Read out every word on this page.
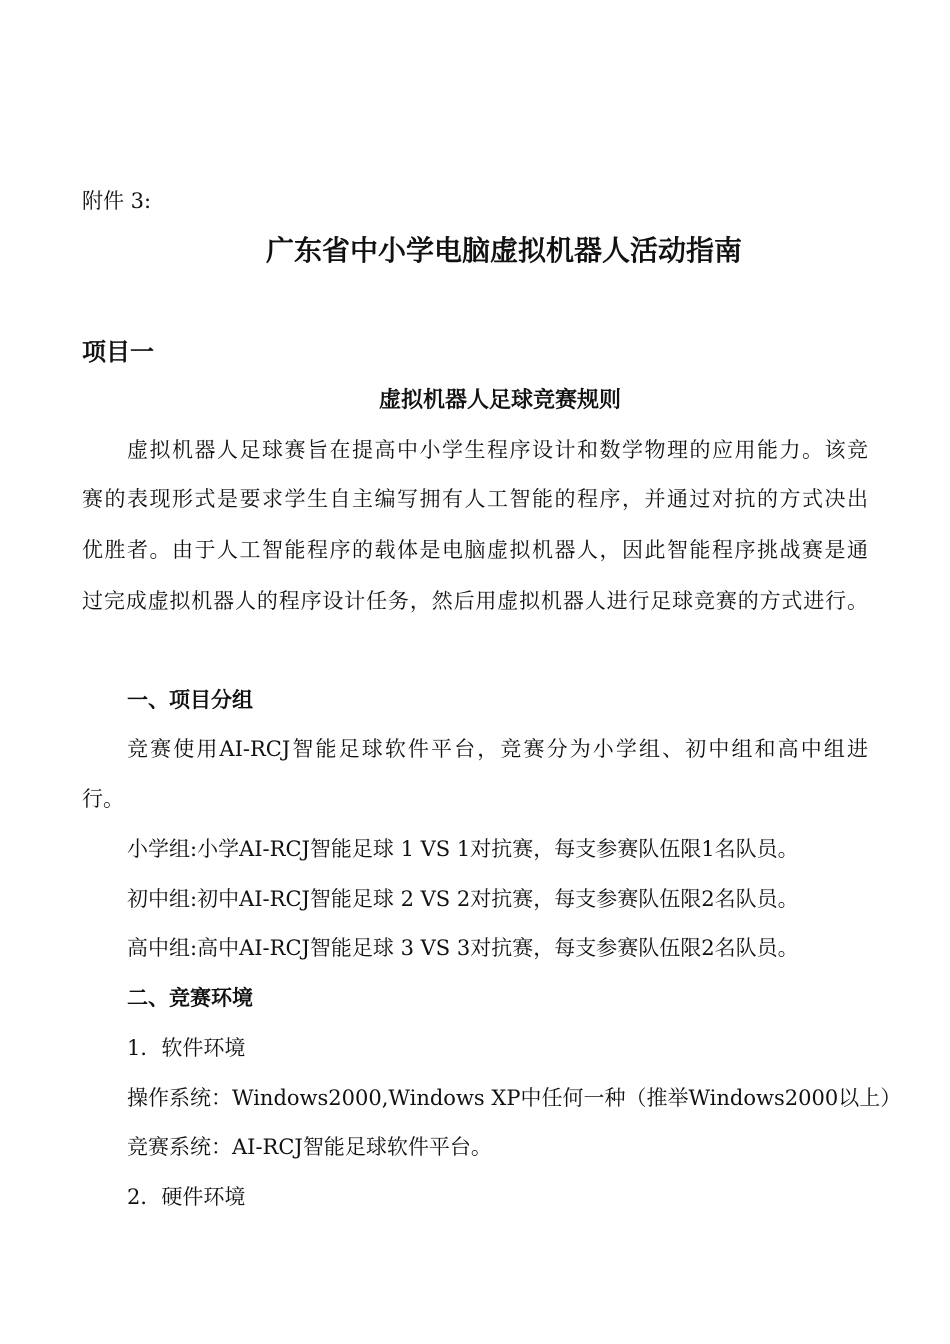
附件 3:
广东省中小学电脑虚拟机器人活动指南
项目一
虚拟机器人足球竞赛规则
虚拟机器人足球赛旨在提高中小学生程序设计和数学物理的应用能力。该竞
赛的表现形式是要求学生自主编写拥有人工智能的程序，并通过对抗的方式决出
优胜者。由于人工智能程序的载体是电脑虚拟机器人，因此智能程序挑战赛是通
过完成虚拟机器人的程序设计任务，然后用虚拟机器人进行足球竞赛的方式进行。
一、项目分组
竞赛使用AI-RCJ智能足球软件平台，竞赛分为小学组、初中组和高中组进
行。
小学组:小学AI-RCJ智能足球 1 VS 1对抗赛，每支参赛队伍限1名队员。
初中组:初中AI-RCJ智能足球 2 VS 2对抗赛，每支参赛队伍限2名队员。
高中组:高中AI-RCJ智能足球 3 VS 3对抗赛，每支参赛队伍限2名队员。
二、竞赛环境
1．软件环境
操作系统：Windows2000,Windows XP中任何一种（推举Windows2000以上）
竞赛系统：AI-RCJ智能足球软件平台。
2．硬件环境
